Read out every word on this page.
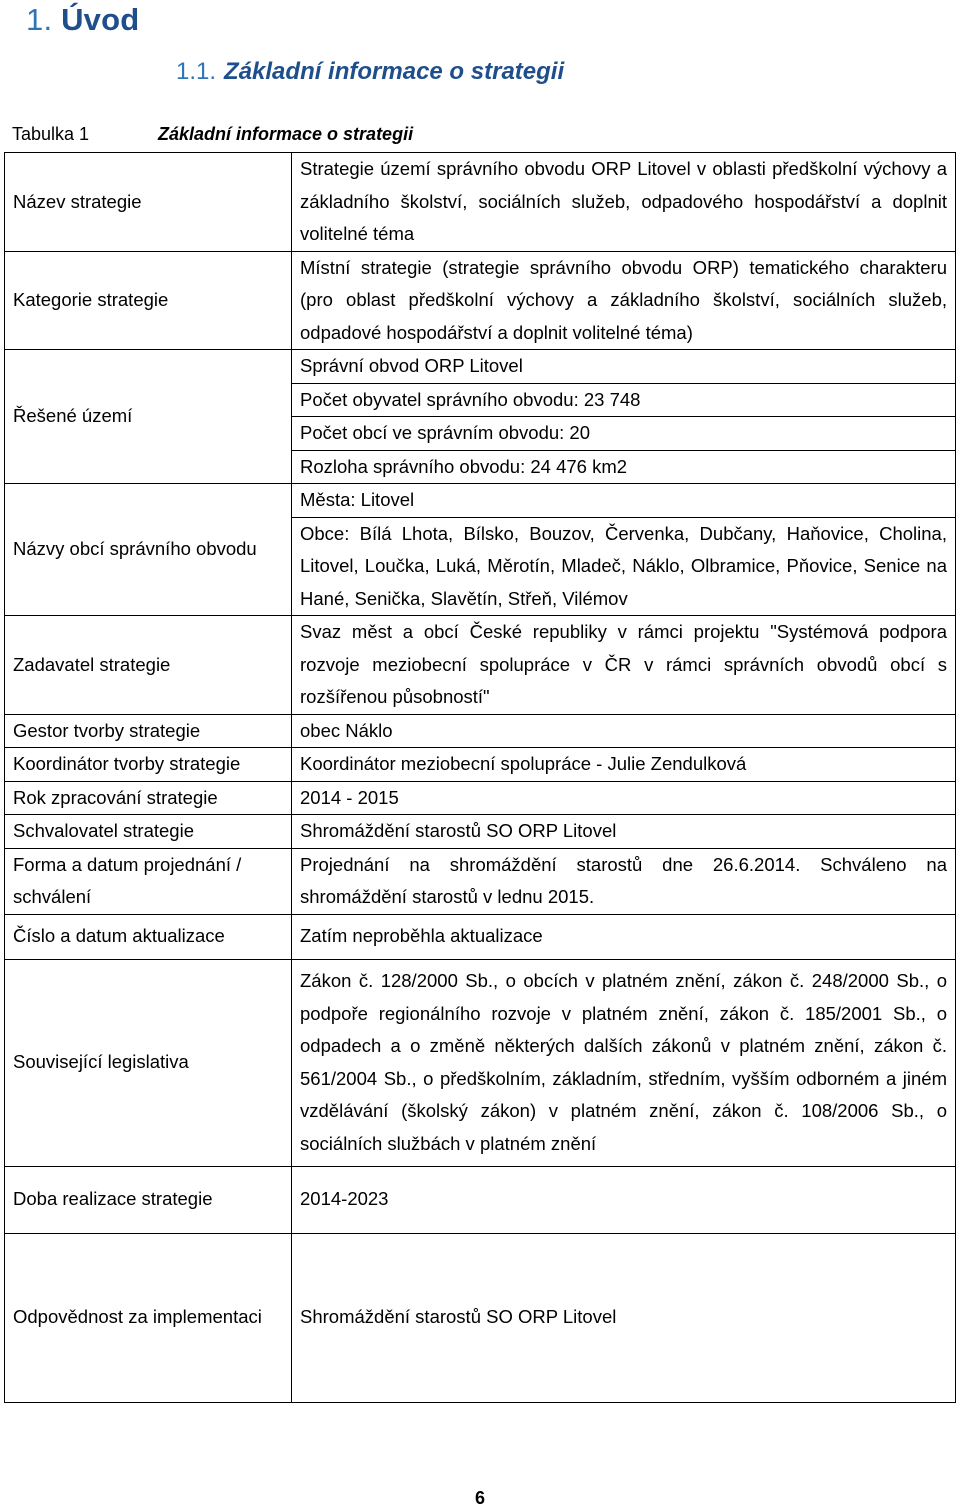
1. Úvod
1.1. Základní informace o strategii
Tabulka 1	Základní informace o strategii
Název strategie	Strategie území správního obvodu ORP Litovel v oblasti předškolní výchovy a základního školství, sociálních služeb, odpadového hospodářství a doplnit volitelné téma
Kategorie strategie	Místní strategie (strategie správního obvodu ORP) tematického charakteru (pro oblast předškolní výchovy a základního školství, sociálních služeb, odpadové hospodářství a doplnit volitelné téma)
Řešené území	Správní obvod ORP Litovel
	Počet obyvatel správního obvodu: 23 748
	Počet obcí ve správním obvodu: 20
	Rozloha správního obvodu: 24 476 km2
Názvy obcí správního obvodu	Města: Litovel
	Obce: Bílá Lhota, Bílsko, Bouzov, Červenka, Dubčany, Haňovice, Cholina, Litovel, Loučka, Luká, Měrotín, Mladeč, Náklo, Olbramice, Pňovice, Senice na Hané, Senička, Slavětín, Střeň, Vilémov
Zadavatel strategie	Svaz měst a obcí České republiky v rámci projektu "Systémová podpora rozvoje meziobecní spolupráce v ČR v rámci správních obvodů obcí s rozšířenou působností"
Gestor tvorby strategie	obec Náklo
Koordinátor tvorby strategie	Koordinátor meziobecní spolupráce - Julie Zendulková
Rok zpracování strategie	2014 - 2015
Schvalovatel strategie	Shromáždění starostů SO ORP Litovel
Forma a datum projednání / schválení	Projednání na shromáždění starostů dne 26.6.2014. Schváleno na shromáždění starostů v lednu 2015.
Číslo a datum aktualizace	Zatím neproběhla aktualizace
Související legislativa	Zákon č. 128/2000 Sb., o obcích v platném znění, zákon č. 248/2000 Sb., o podpoře regionálního rozvoje v platném znění, zákon č. 185/2001 Sb., o odpadech a o změně některých dalších zákonů v platném znění, zákon č. 561/2004 Sb., o předškolním, základním, středním, vyšším odborném a jiném vzdělávání (školský zákon) v platném znění, zákon č. 108/2006 Sb., o sociálních službách v platném znění
Doba realizace strategie	2014-2023
Odpovědnost za implementaci	Shromáždění starostů SO ORP Litovel
6
